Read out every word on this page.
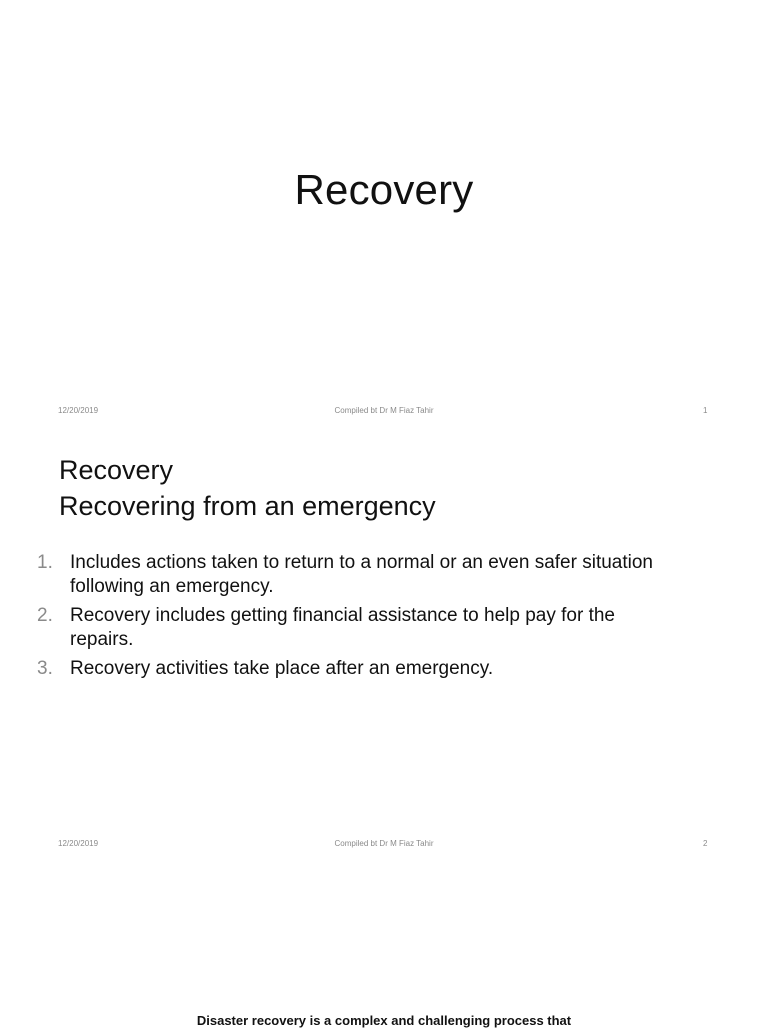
Recovery
12/20/2019	Compiled bt Dr M Fiaz Tahir	1
Recovery
Recovering from an emergency
1. Includes actions taken to return to a normal or an even safer situation following an emergency.
2. Recovery includes getting financial assistance to help pay for the repairs.
3. Recovery activities take place after an emergency.
12/20/2019	Compiled bt Dr M Fiaz Tahir	2
Disaster recovery is a complex and challenging process that
